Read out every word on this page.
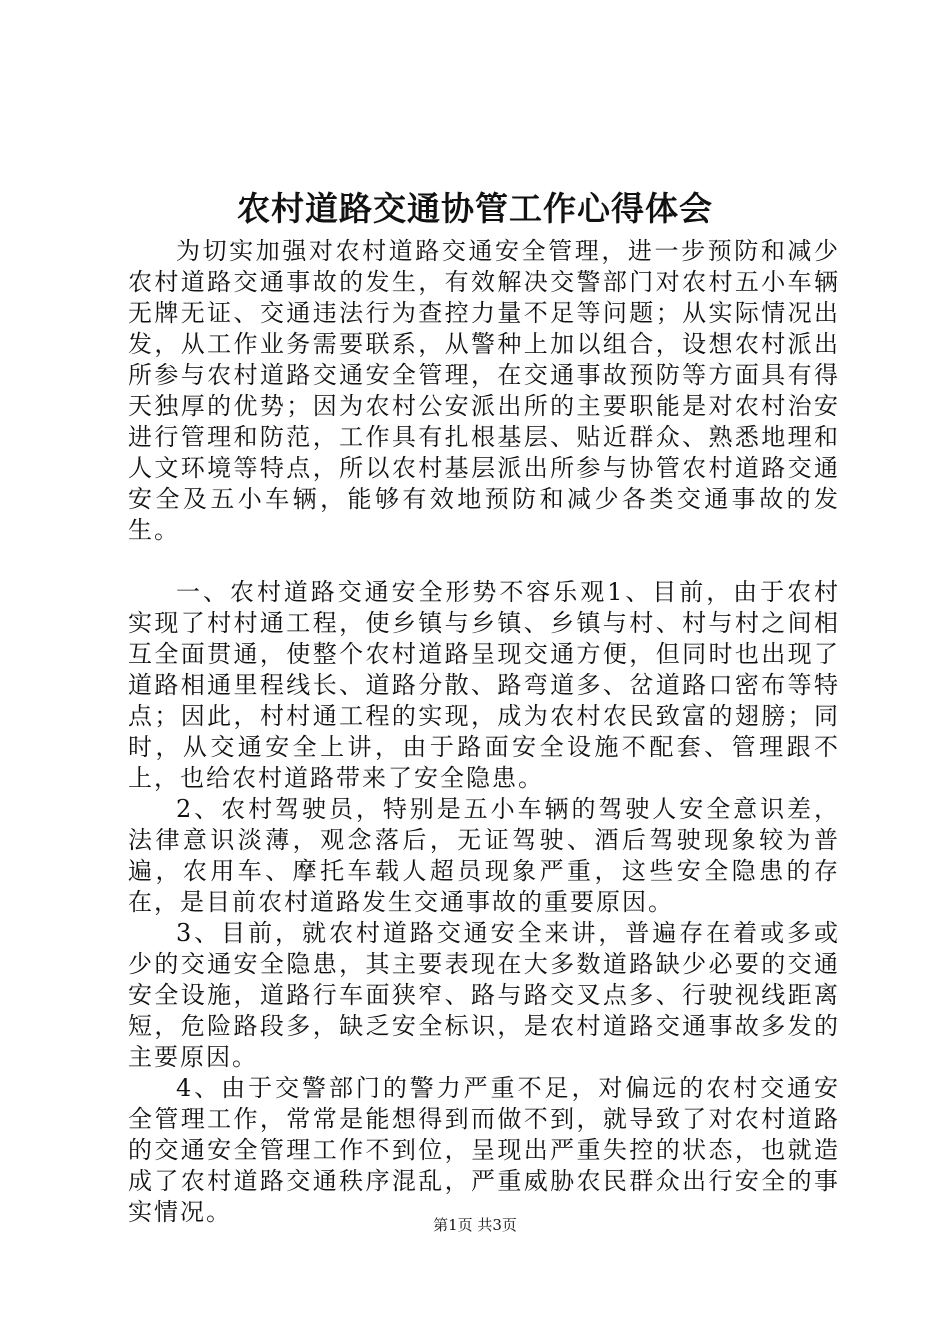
农村道路交通协管工作心得体会

为切实加强对农村道路交通安全管理，进一步预防和减少农村道路交通事故的发生，有效解决交警部门对农村五小车辆无牌无证、交通违法行为查控力量不足等问题；从实际情况出发，从工作业务需要联系，从警种上加以组合，设想农村派出所参与农村道路交通安全管理，在交通事故预防等方面具有得天独厚的优势；因为农村公安派出所的主要职能是对农村治安进行管理和防范，工作具有扎根基层、贴近群众、熟悉地理和人文环境等特点，所以农村基层派出所参与协管农村道路交通安全及五小车辆，能够有效地预防和减少各类交通事故的发生。

一、农村道路交通安全形势不容乐观1、目前，由于农村实现了村村通工程，使乡镇与乡镇、乡镇与村、村与村之间相互全面贯通，使整个农村道路呈现交通方便，但同时也出现了道路相通里程线长、道路分散、路弯道多、岔道路口密布等特点；因此，村村通工程的实现，成为农村农民致富的翅膀；同时，从交通安全上讲，由于路面安全设施不配套、管理跟不上，也给农村道路带来了安全隐患。

2、农村驾驶员，特别是五小车辆的驾驶人安全意识差，法律意识淡薄，观念落后，无证驾驶、酒后驾驶现象较为普遍，农用车、摩托车载人超员现象严重，这些安全隐患的存在，是目前农村道路发生交通事故的重要原因。

3、目前，就农村道路交通安全来讲，普遍存在着或多或少的交通安全隐患，其主要表现在大多数道路缺少必要的交通安全设施，道路行车面狭窄、路与路交叉点多、行驶视线距离短，危险路段多，缺乏安全标识，是农村道路交通事故多发的主要原因。

4、由于交警部门的警力严重不足，对偏远的农村交通安全管理工作，常常是能想得到而做不到，就导致了对农村道路的交通安全管理工作不到位，呈现出严重失控的状态，也就造成了农村道路交通秩序混乱，严重威胁农民群众出行安全的事实情况。	第1页 共3页
